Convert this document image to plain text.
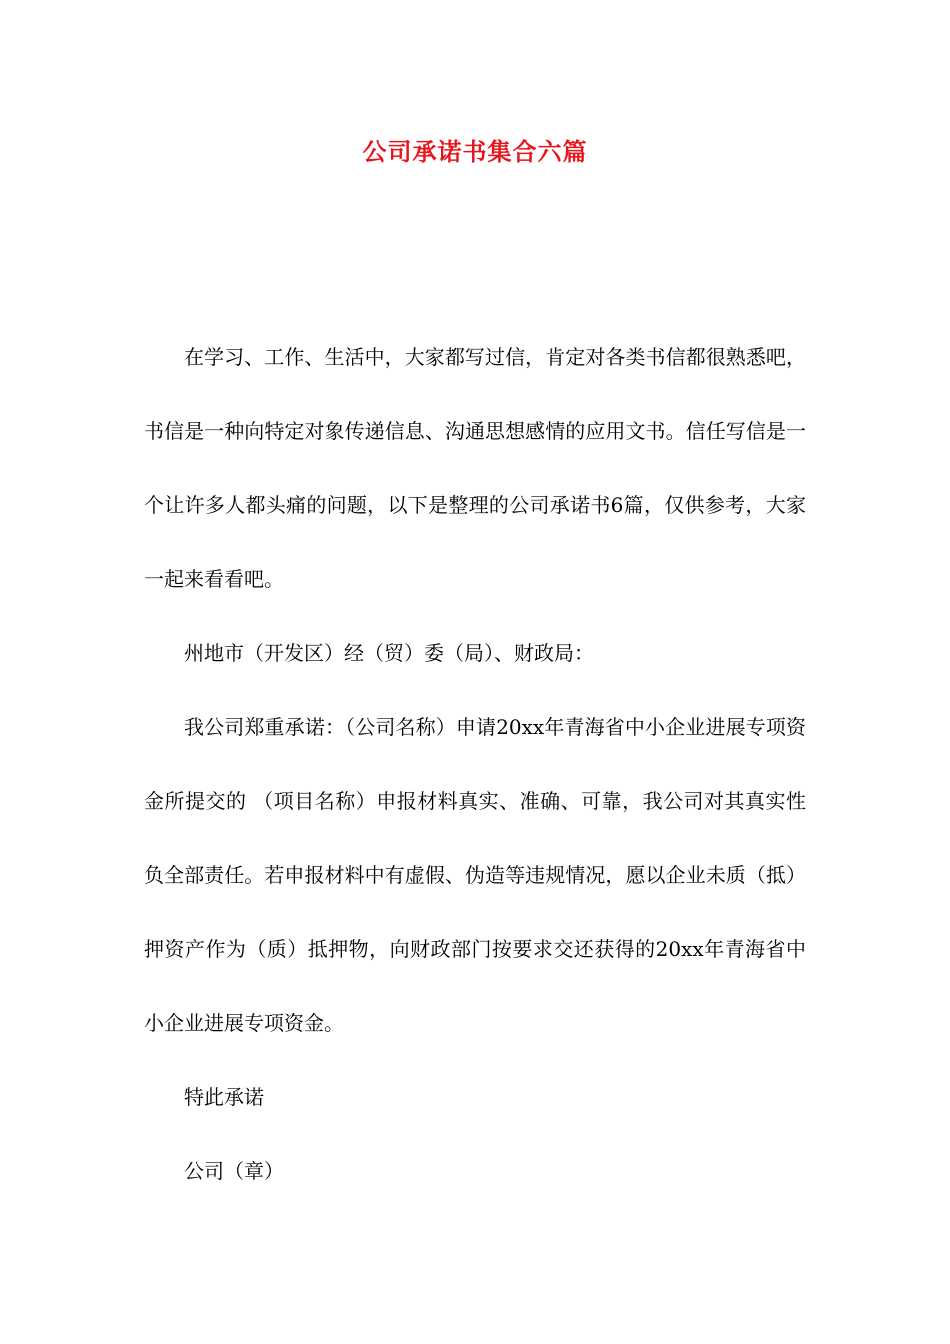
公司承诺书集合六篇

在学习、工作、生活中，大家都写过信，肯定对各类书信都很熟悉吧，书信是一种向特定对象传递信息、沟通思想感情的应用文书。信任写信是一个让许多人都头痛的问题，以下是整理的公司承诺书6篇，仅供参考，大家一起来看看吧。

州地市（开发区）经（贸）委（局）、财政局：

我公司郑重承诺：（公司名称）申请20xx年青海省中小企业进展专项资金所提交的 （项目名称）申报材料真实、准确、可靠，我公司对其真实性负全部责任。若申报材料中有虚假、伪造等违规情况，愿以企业未质（抵）押资产作为（质）抵押物，向财政部门按要求交还获得的20xx年青海省中小企业进展专项资金。

特此承诺

公司（章）
